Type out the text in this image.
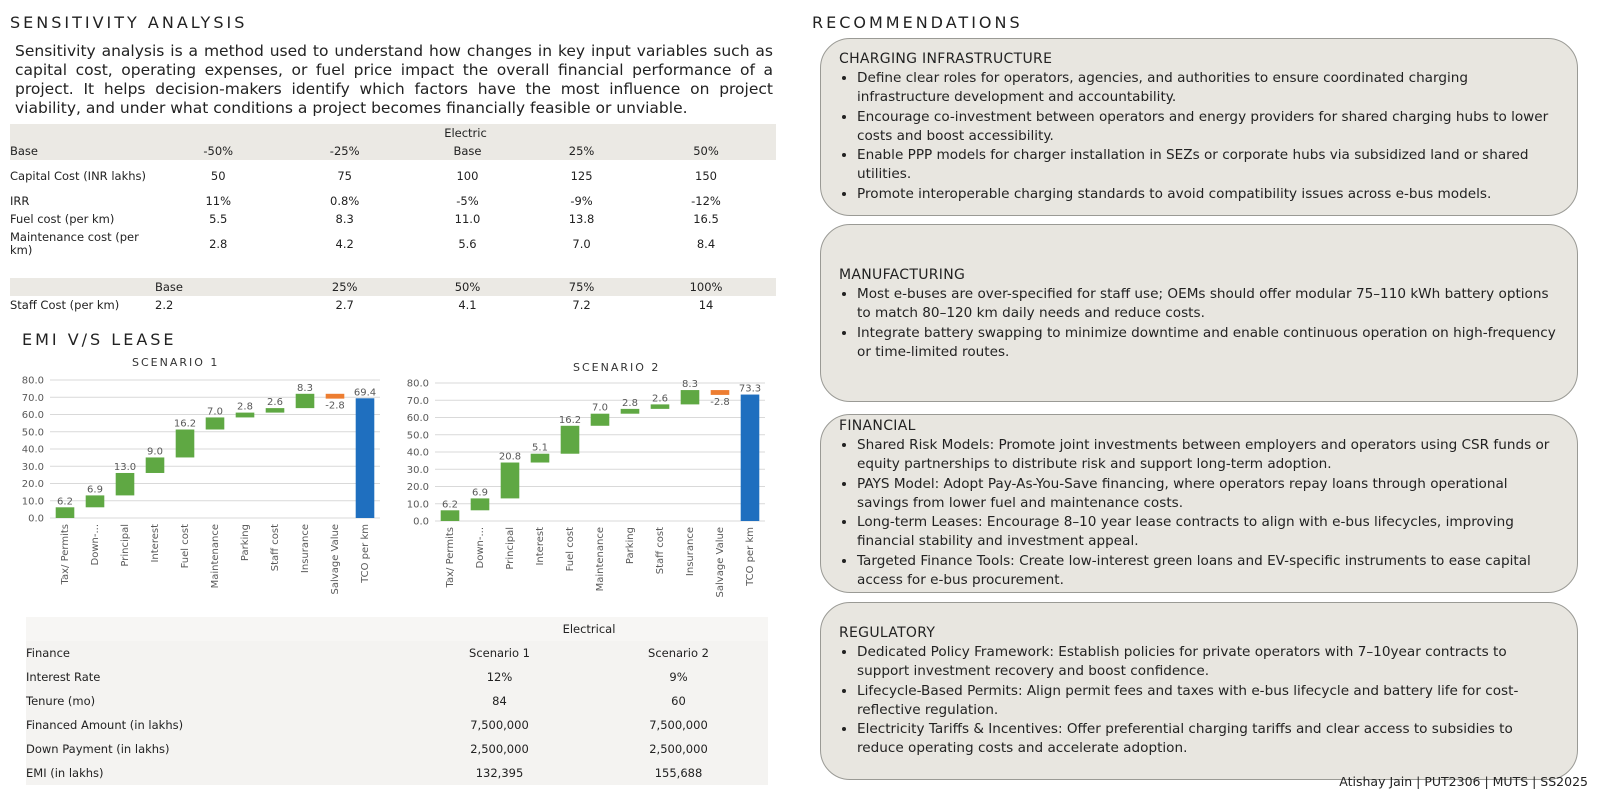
SENSITIVITY ANALYSIS

Sensitivity analysis is a method used to understand how changes in key input variables such as capital cost, operating expenses, or fuel price impact the overall financial performance of a project. It helps decision-makers identify which factors have the most influence on project viability, and under what conditions a project becomes financially feasible or unviable.

	Electric				
Base	-50%	-25%	Base	25%	50%
Capital Cost (INR lakhs)	50	75	100	125	150
IRR	11%	0.8%	-5%	-9%	-12%
Fuel cost (per km)	5.5	8.3	11.0	13.8	16.5
Maintenance cost (per km)	2.8	4.2	5.6	7.0	8.4

	Base	25%	50%	75%	100%
Staff Cost (per km)	2.2	2.7	4.1	7.2	14
EMI V/S LEASE
SCENARIO 1	SCENARIO 2
0.0
10.0
20.0
30.0
40.0
50.0
60.0
70.0
80.0
6.2
Tax/ Permits
6.9
Down-...
13.0
Principal
9.0
Interest
16.2
Fuel cost
7.0
Maintenance
2.8
Parking
2.6
Staff cost
8.3
Insurance
-2.8
Salvage Value
69.4
TCO per km
0.0
10.0
20.0
30.0
40.0
50.0
60.0
70.0
80.0
6.2
Tax/ Permits
6.9
Down-...
20.8
Principal
5.1
Interest
16.2
Fuel cost
7.0
Maintenance
2.8
Parking
2.6
Staff cost
8.3
Insurance
-2.8
Salvage Value
73.3
TCO per km
	Electrical	
Finance	Scenario 1	Scenario 2
Interest Rate	12%	9%
Tenure (mo)	84	60
Financed Amount (in lakhs)	7,500,000	7,500,000
Down Payment (in lakhs)	2,500,000	2,500,000
EMI (in lakhs)	132,395	155,688
RECOMMENDATIONS
CHARGING INFRASTRUCTURE
• Define clear roles for operators, agencies, and authorities to ensure coordinated charging infrastructure development and accountability.
• Encourage co-investment between operators and energy providers for shared charging hubs to lower costs and boost accessibility.
• Enable PPP models for charger installation in SEZs or corporate hubs via subsidized land or shared utilities.
• Promote interoperable charging standards to avoid compatibility issues across e-bus models.
MANUFACTURING
• Most e-buses are over-specified for staff use; OEMs should offer modular 75–110 kWh battery options to match 80–120 km daily needs and reduce costs.
• Integrate battery swapping to minimize downtime and enable continuous operation on high-frequency or time-limited routes.
FINANCIAL
• Shared Risk Models: Promote joint investments between employers and operators using CSR funds or equity partnerships to distribute risk and support long-term adoption.
• PAYS Model: Adopt Pay-As-You-Save financing, where operators repay loans through operational savings from lower fuel and maintenance costs.
• Long-term Leases: Encourage 8–10 year lease contracts to align with e-bus lifecycles, improving financial stability and investment appeal.
• Targeted Finance Tools: Create low-interest green loans and EV-specific instruments to ease capital access for e-bus procurement.
REGULATORY
• Dedicated Policy Framework: Establish policies for private operators with 7–10year contracts to support investment recovery and boost confidence.
• Lifecycle-Based Permits: Align permit fees and taxes with e-bus lifecycle and battery life for cost-reflective regulation.
• Electricity Tariffs & Incentives: Offer preferential charging tariffs and clear access to subsidies to reduce operating costs and accelerate adoption.
Atishay Jain | PUT2306 | MUTS | SS2025
